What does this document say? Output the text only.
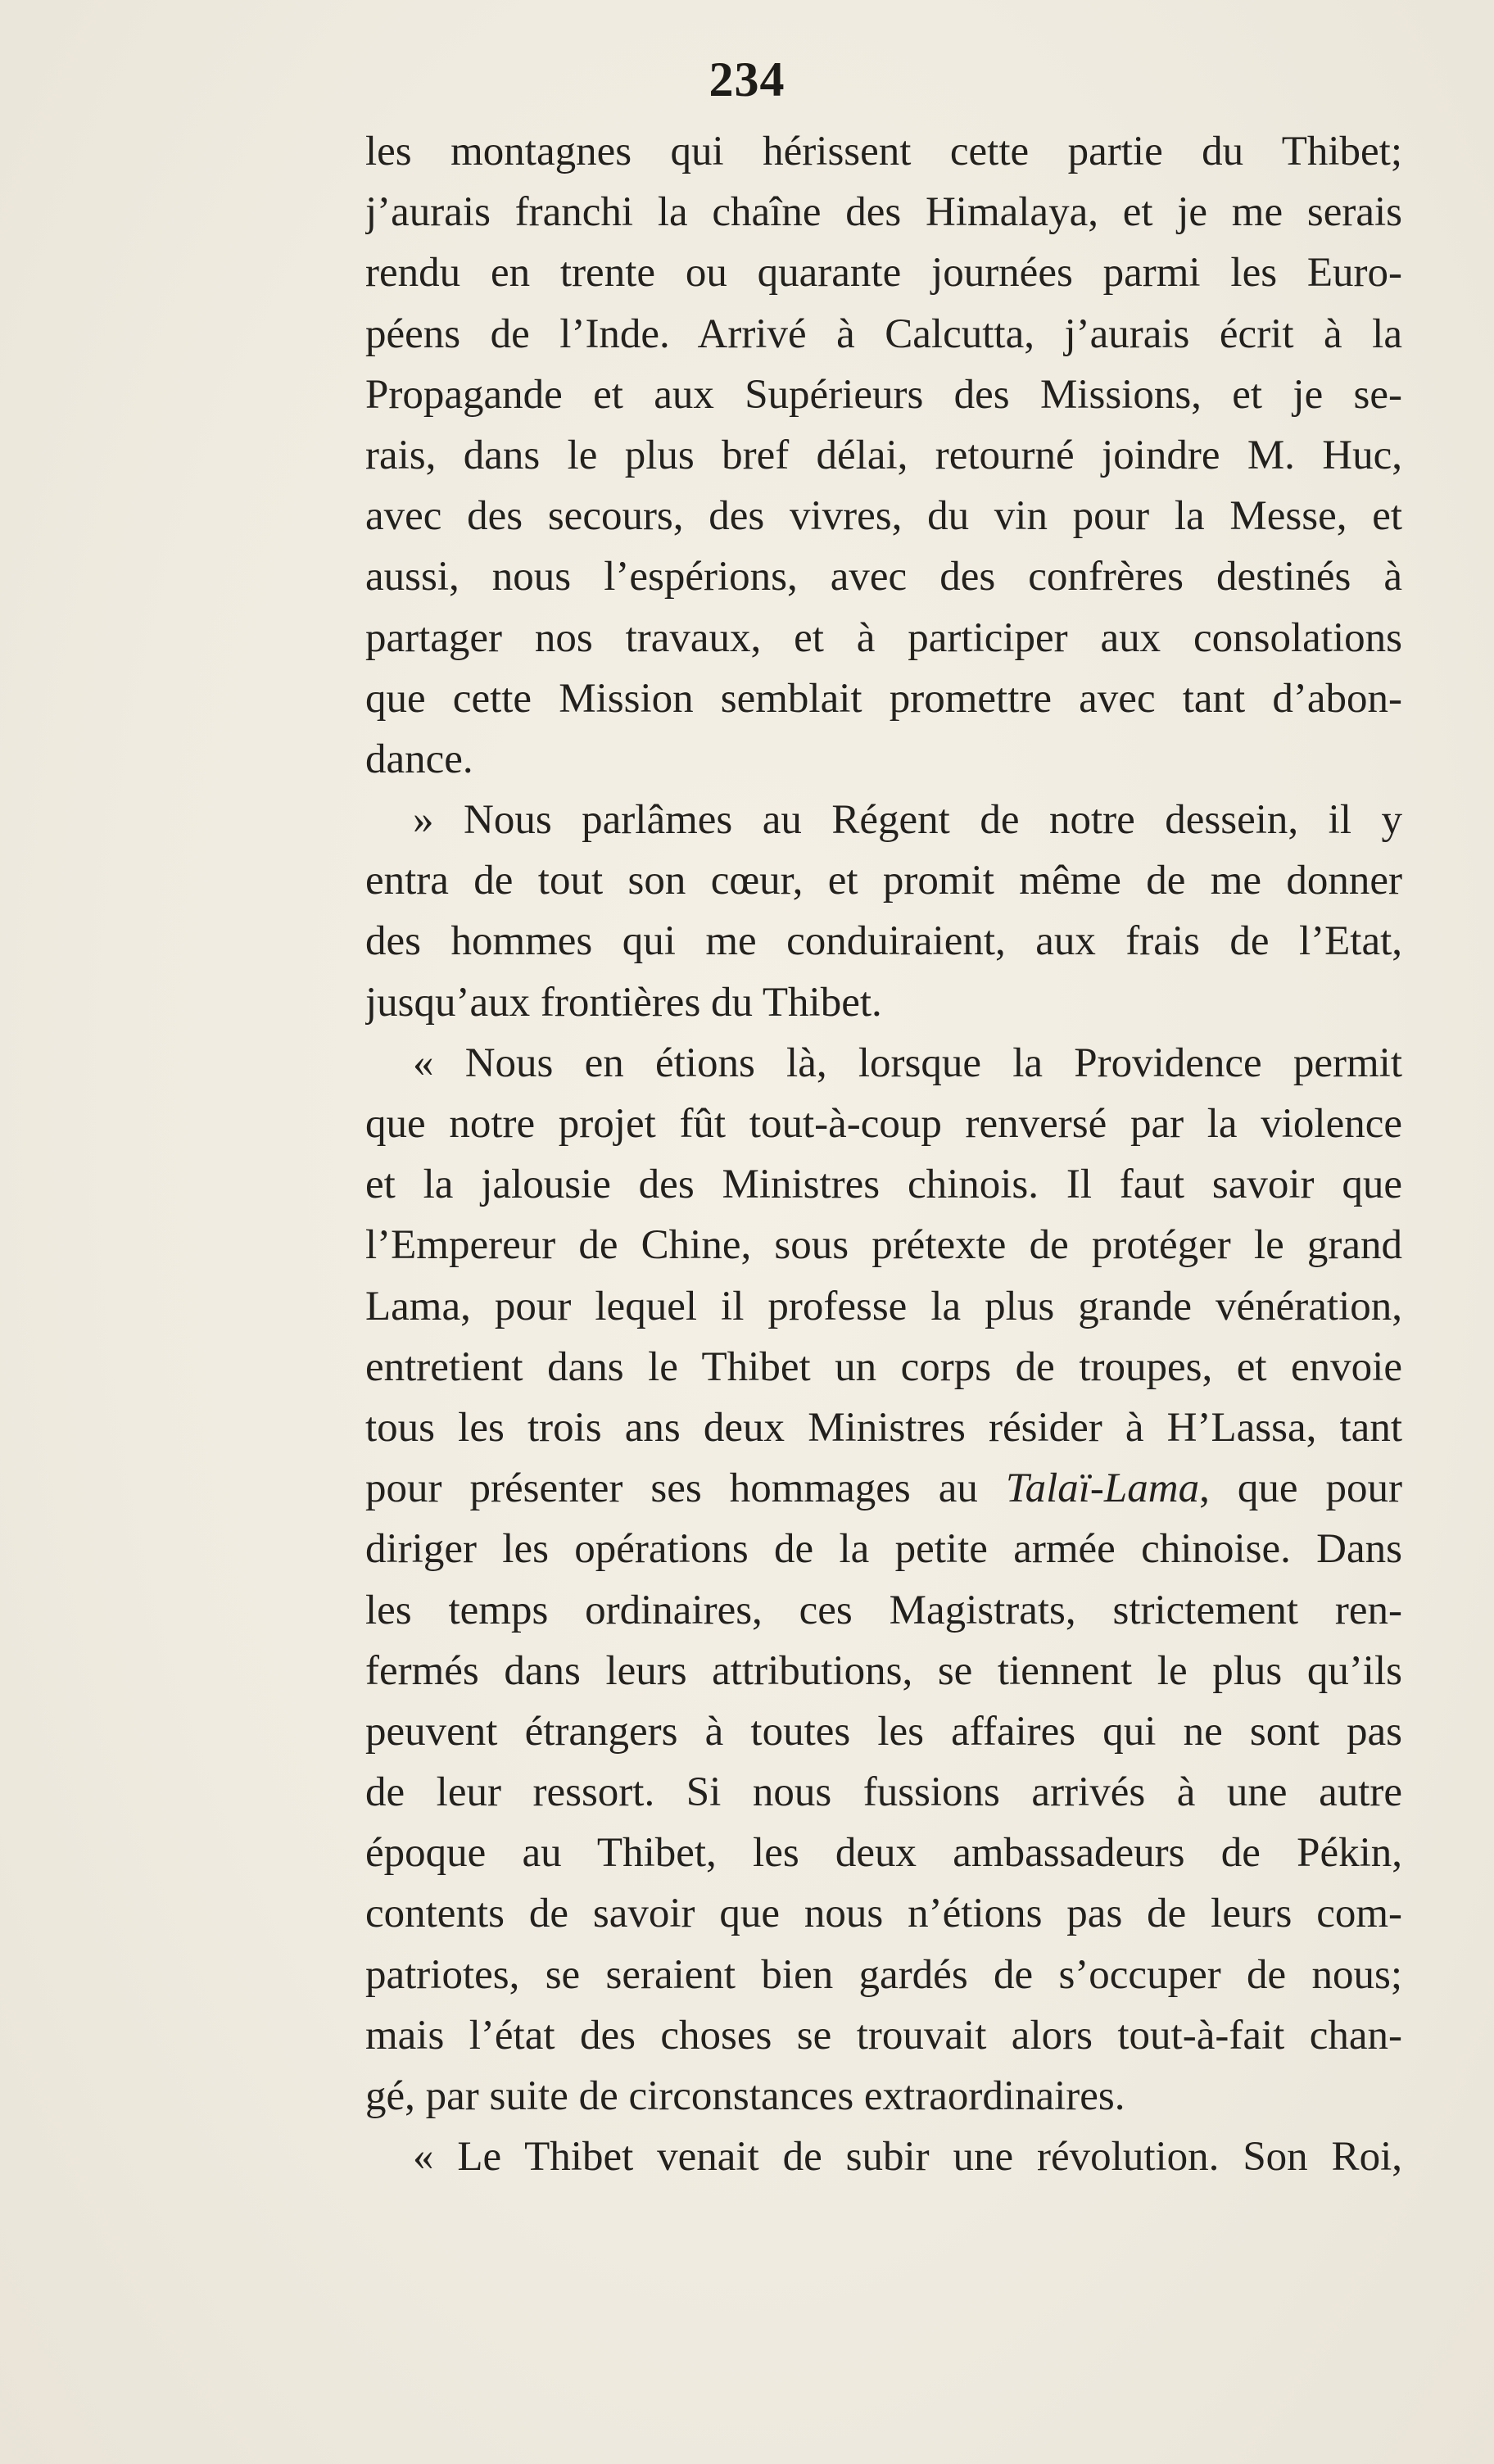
234
les montagnes qui hérissent cette partie du Thibet;
j’aurais franchi la chaîne des Himalaya, et je me serais
rendu en trente ou quarante journées parmi les Euro-
péens de l’Inde. Arrivé à Calcutta, j’aurais écrit à la
Propagande et aux Supérieurs des Missions, et je se-
rais, dans le plus bref délai, retourné joindre M. Huc,
avec des secours, des vivres, du vin pour la Messe, et
aussi, nous l’espérions, avec des confrères destinés à
partager nos travaux, et à participer aux consolations
que cette Mission semblait promettre avec tant d’abon-
dance.
» Nous parlâmes au Régent de notre dessein, il y
entra de tout son cœur, et promit même de me donner
des hommes qui me conduiraient, aux frais de l’Etat,
jusqu’aux frontières du Thibet.
« Nous en étions là, lorsque la Providence permit
que notre projet fût tout-à-coup renversé par la violence
et la jalousie des Ministres chinois. Il faut savoir que
l’Empereur de Chine, sous prétexte de protéger le grand
Lama, pour lequel il professe la plus grande vénération,
entretient dans le Thibet un corps de troupes, et envoie
tous les trois ans deux Ministres résider à H’Lassa, tant
pour présenter ses hommages au Talaï-Lama, que pour
diriger les opérations de la petite armée chinoise. Dans
les temps ordinaires, ces Magistrats, strictement ren-
fermés dans leurs attributions, se tiennent le plus qu’ils
peuvent étrangers à toutes les affaires qui ne sont pas
de leur ressort. Si nous fussions arrivés à une autre
époque au Thibet, les deux ambassadeurs de Pékin,
contents de savoir que nous n’étions pas de leurs com-
patriotes, se seraient bien gardés de s’occuper de nous;
mais l’état des choses se trouvait alors tout-à-fait chan-
gé, par suite de circonstances extraordinaires.
« Le Thibet venait de subir une révolution. Son Roi,
